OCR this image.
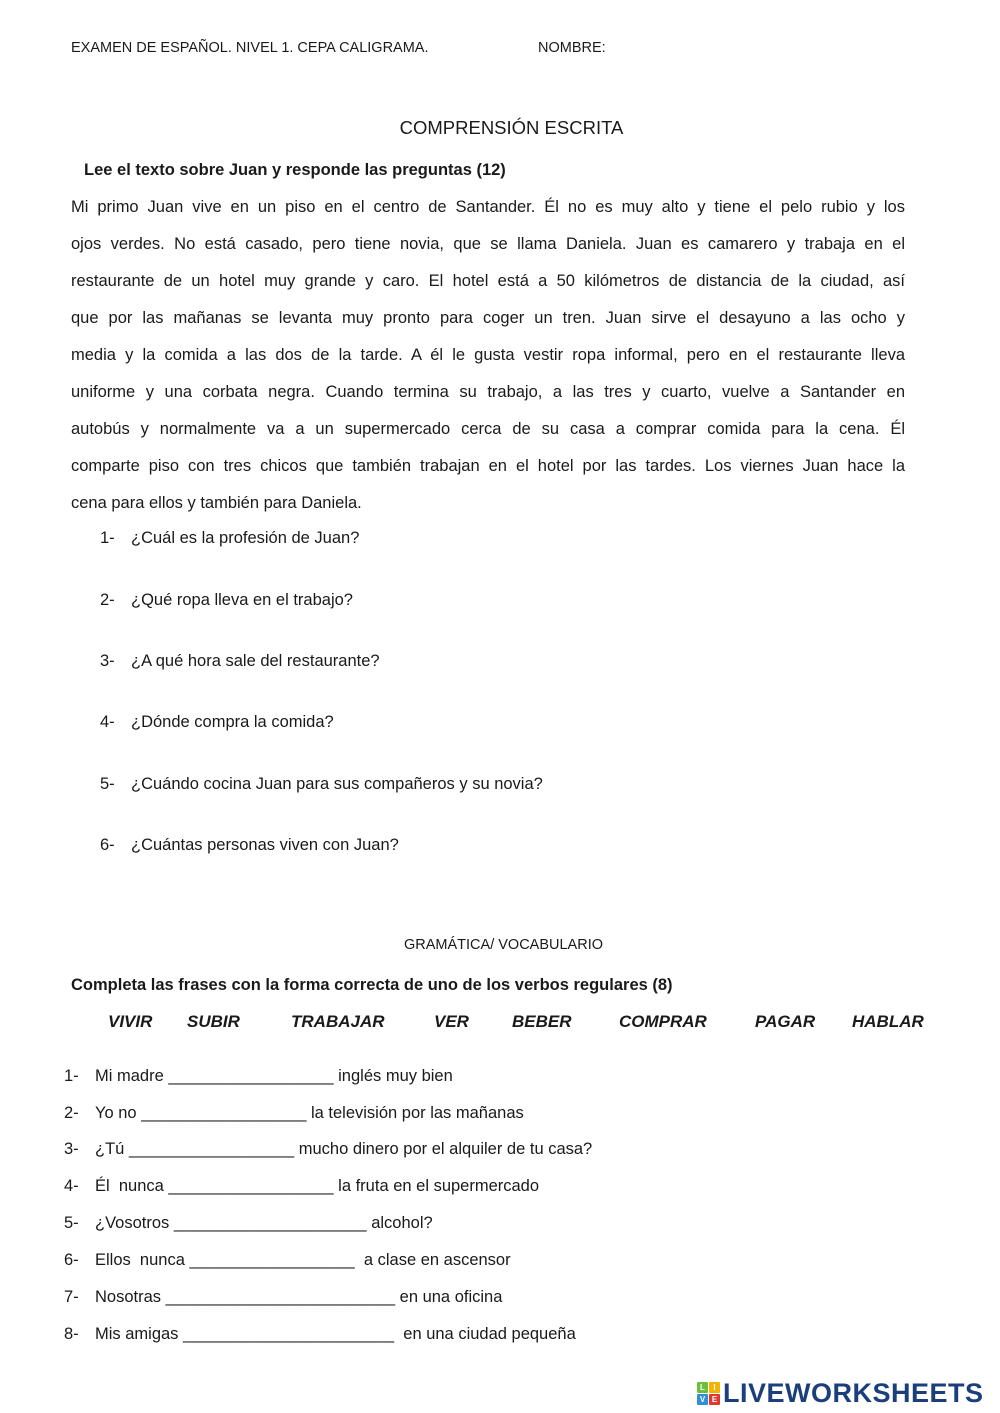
EXAMEN DE ESPAÑOL. NIVEL 1. CEPA CALIGRAMA.	NOMBRE:
COMPRENSIÓN ESCRITA
Lee el texto sobre Juan y responde las preguntas (12)
Mi primo Juan vive en un piso en el centro de Santander. Él no es muy alto y tiene el pelo rubio y los
ojos verdes. No está casado, pero tiene novia, que se llama Daniela. Juan es camarero y trabaja en el
restaurante de un hotel muy grande y caro. El hotel está a 50 kilómetros de distancia de la ciudad, así
que por las mañanas se levanta muy pronto para coger un tren. Juan sirve el desayuno a las ocho y
media y la comida a las dos de la tarde. A él le gusta vestir ropa informal, pero en el restaurante lleva
uniforme y una corbata negra. Cuando termina su trabajo, a las tres y cuarto, vuelve a Santander en
autobús y normalmente va a un supermercado cerca de su casa a comprar comida para la cena. Él
comparte piso con tres chicos que también trabajan en el hotel por las tardes. Los viernes Juan hace la
cena para ellos y también para Daniela.
1- ¿Cuál es la profesión de Juan?
2- ¿Qué ropa lleva en el trabajo?
3- ¿A qué hora sale del restaurante?
4- ¿Dónde compra la comida?
5- ¿Cuándo cocina Juan para sus compañeros y su novia?
6- ¿Cuántas personas viven con Juan?
GRAMÁTICA/ VOCABULARIO
Completa las frases con la forma correcta de uno de los verbos regulares (8)
VIVIR SUBIR	TRABAJAR	VER	BEBER	COMPRAR	PAGAR HABLAR
1- Mi madre __________________ inglés muy bien
2- Yo no __________________ la televisión por las mañanas
3- ¿Tú __________________ mucho dinero por el alquiler de tu casa?
4- Él  nunca __________________ la fruta en el supermercado
5- ¿Vosotros _____________________ alcohol?
6- Ellos  nunca __________________  a clase en ascensor
7- Nosotras _________________________ en una oficina
8- Mis amigas _______________________  en una ciudad pequeña
L	I
V E LIVEWORKSHEETS
